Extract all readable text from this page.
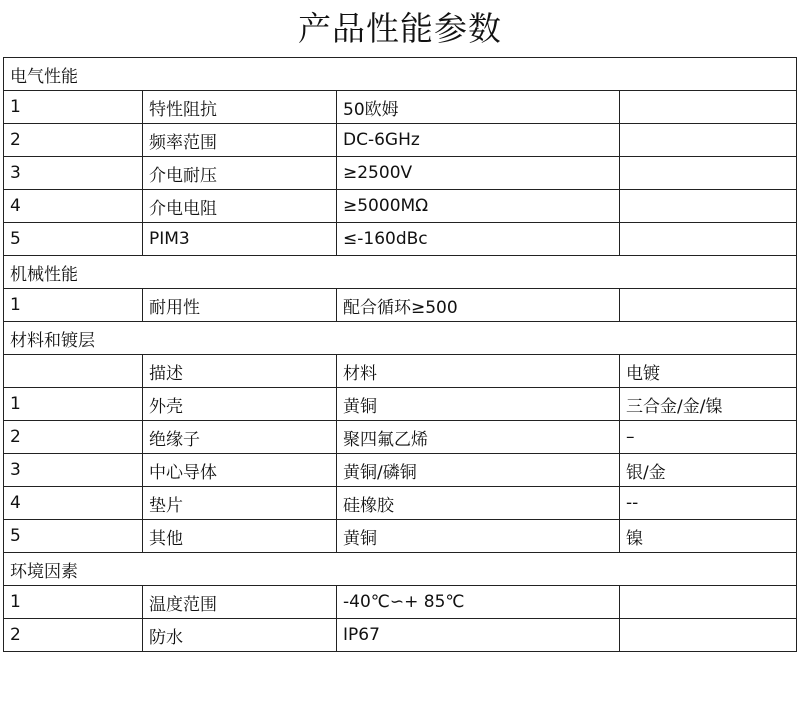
产品性能参数
电气性能			
1	特性阻抗	50欧姆	
2	频率范围	DC-6GHz	
3	介电耐压	≥2500V	
4	介电电阻	≥5000MΩ	
5	PIM3	≤-160dBc	
机械性能			
1	耐用性	配合循环≥500	
材料和镀层			
	描述	材料	电镀
1	外壳	黄铜	三合金/金/镍
2	绝缘子	聚四氟乙烯	–
3	中心导体	黄铜/磷铜	银/金
4	垫片	硅橡胶	--
5	其他	黄铜	镍
环境因素			
1	温度范围	-40℃∽+ 85℃	
2	防水	IP67	
